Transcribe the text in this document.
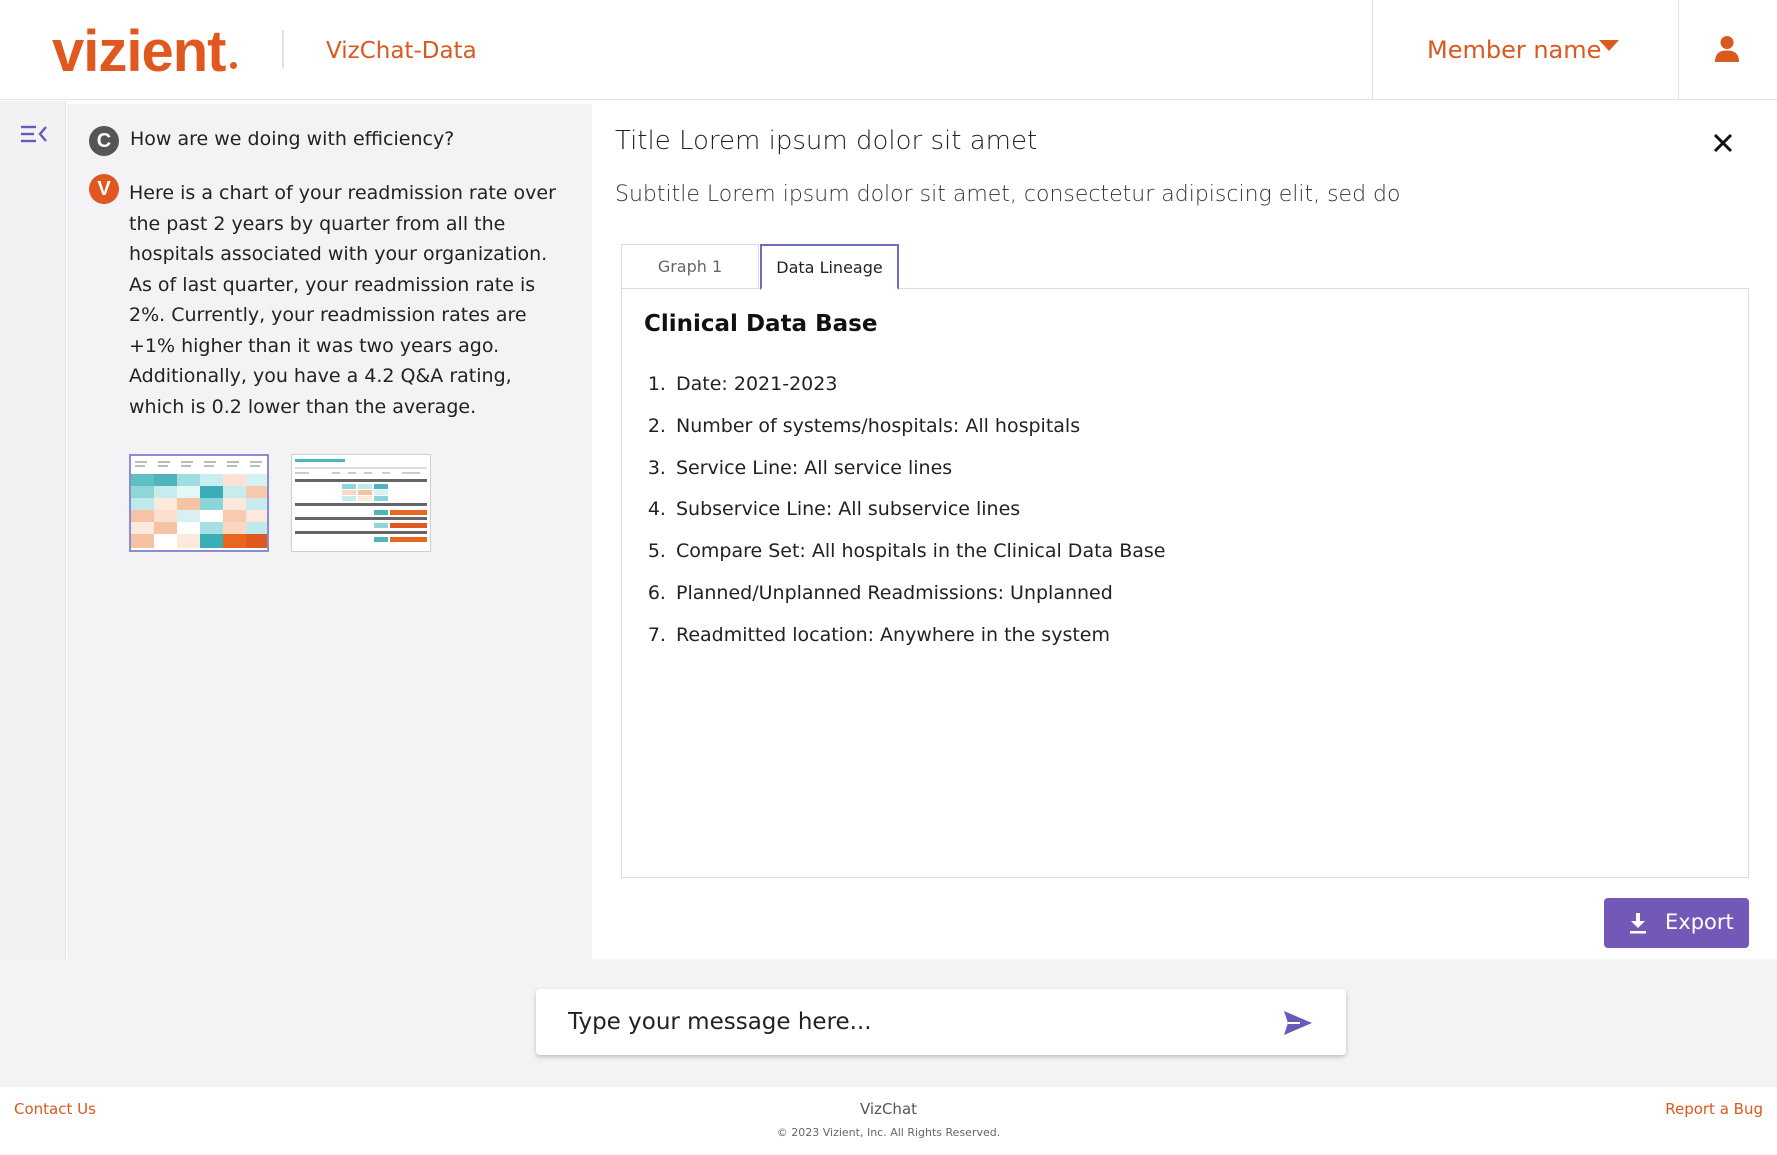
vizient	VizChat-Data	Member name
C How are we doing with efficiency?
V Here is a chart of your readmission rate over the past 2 years by quarter from all the hospitals associated with your organization. As of last quarter, your readmission rate is 2%. Currently, your readmission rates are +1% higher than it was two years ago. Additionally, you have a 4.2 Q&A rating, which is 0.2 lower than the average.
Title Lorem ipsum dolor sit amet
Subtitle Lorem ipsum dolor sit amet, consectetur adipiscing elit, sed do
Graph 1	Data Lineage
Clinical Data Base
1. Date: 2021-2023
2. Number of systems/hospitals: All hospitals
3. Service Line: All service lines
4. Subservice Line: All subservice lines
5. Compare Set: All hospitals in the Clinical Data Base
6. Planned/Unplanned Readmissions: Unplanned
7. Readmitted location: Anywhere in the system
Export
Type your message here...
Contact Us	VizChat
© 2023 Vizient, Inc. All Rights Reserved.
Report a Bug
